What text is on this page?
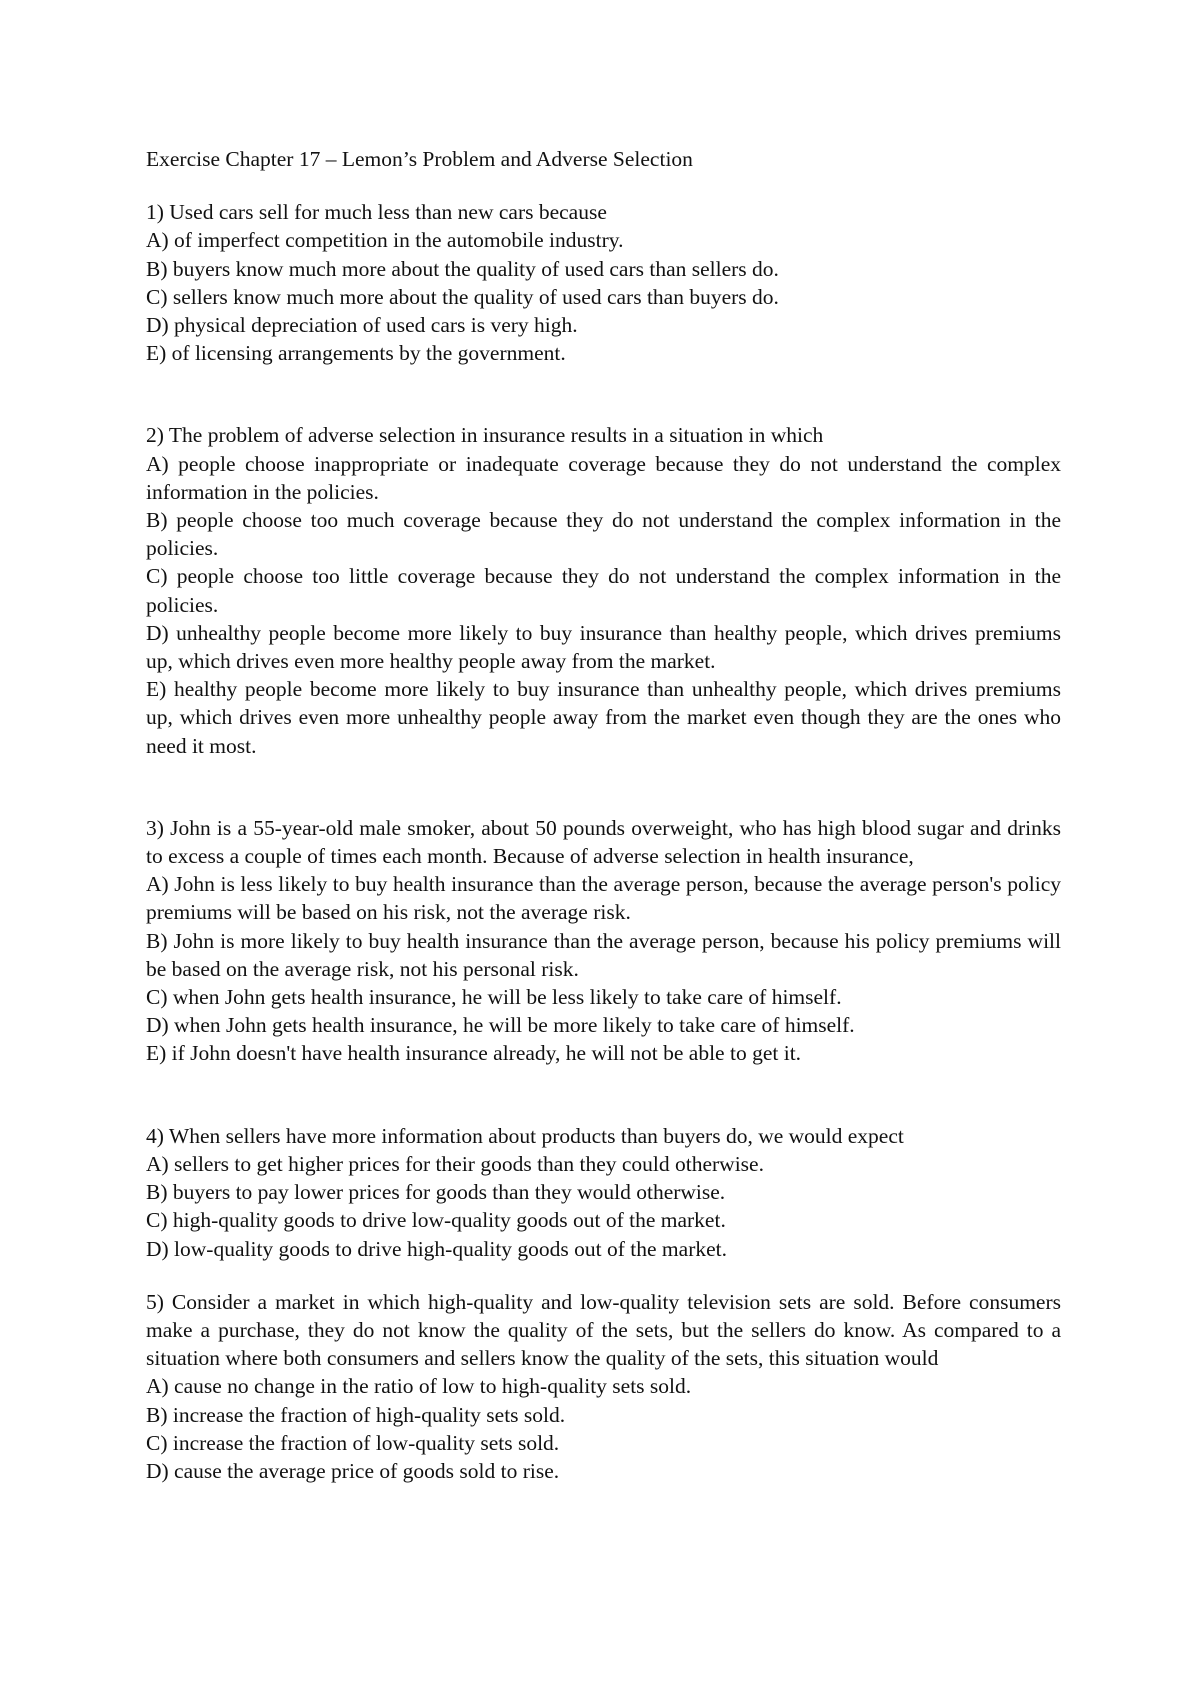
Exercise Chapter 17 – Lemon’s Problem and Adverse Selection
1) Used cars sell for much less than new cars because
A) of imperfect competition in the automobile industry.
B) buyers know much more about the quality of used cars than sellers do.
C) sellers know much more about the quality of used cars than buyers do.
D) physical depreciation of used cars is very high.
E) of licensing arrangements by the government.
2) The problem of adverse selection in insurance results in a situation in which
A) people choose inappropriate or inadequate coverage because they do not understand the complex information in the policies.
B) people choose too much coverage because they do not understand the complex information in the policies.
C) people choose too little coverage because they do not understand the complex information in the policies.
D) unhealthy people become more likely to buy insurance than healthy people, which drives premiums up, which drives even more healthy people away from the market.
E) healthy people become more likely to buy insurance than unhealthy people, which drives premiums up, which drives even more unhealthy people away from the market even though they are the ones who need it most.
3) John is a 55-year-old male smoker, about 50 pounds overweight, who has high blood sugar and drinks to excess a couple of times each month. Because of adverse selection in health insurance,
A) John is less likely to buy health insurance than the average person, because the average person's policy premiums will be based on his risk, not the average risk.
B) John is more likely to buy health insurance than the average person, because his policy premiums will be based on the average risk, not his personal risk.
C) when John gets health insurance, he will be less likely to take care of himself.
D) when John gets health insurance, he will be more likely to take care of himself.
E) if John doesn't have health insurance already, he will not be able to get it.
4) When sellers have more information about products than buyers do, we would expect
A) sellers to get higher prices for their goods than they could otherwise.
B) buyers to pay lower prices for goods than they would otherwise.
C) high-quality goods to drive low-quality goods out of the market.
D) low-quality goods to drive high-quality goods out of the market.
5) Consider a market in which high-quality and low-quality television sets are sold. Before consumers make a purchase, they do not know the quality of the sets, but the sellers do know. As compared to a situation where both consumers and sellers know the quality of the sets, this situation would
A) cause no change in the ratio of low to high-quality sets sold.
B) increase the fraction of high-quality sets sold.
C) increase the fraction of low-quality sets sold.
D) cause the average price of goods sold to rise.
